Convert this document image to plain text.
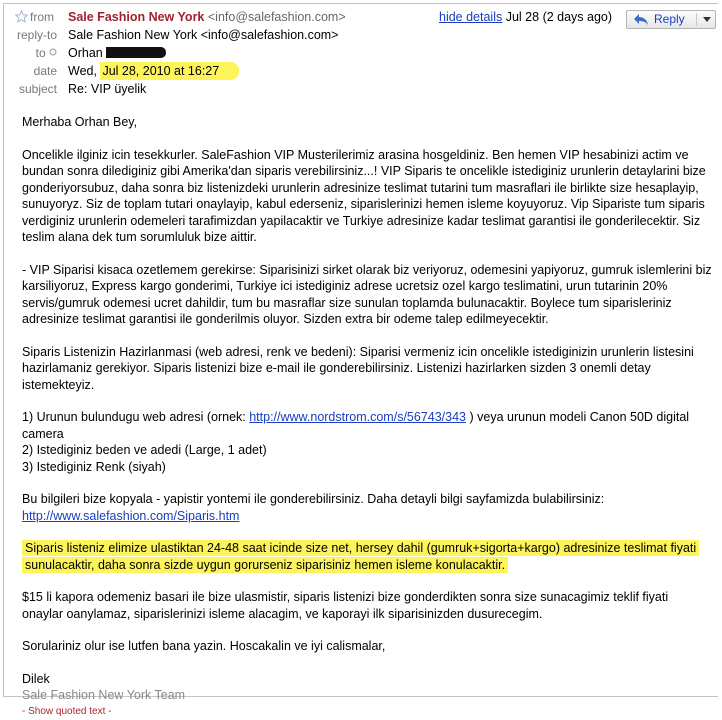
from Sale Fashion New York <info@salefashion.com>	hide details Jul 28 (2 days ago)	Reply
reply-to Sale Fashion New York <info@salefashion.com>
to	Orhan
date Wed, Jul 28, 2010 at 16:27
subject Re: VIP üyelik

Merhaba Orhan Bey,

Oncelikle ilginiz icin tesekkurler. SaleFashion VIP Musterilerimiz arasina hosgeldiniz. Ben hemen VIP hesabinizi actim ve bundan sonra dilediginiz gibi Amerika'dan siparis verebilirsiniz...! VIP Siparis te oncelikle istediginiz urunlerin detaylarini bize gonderiyorsubuz, daha sonra biz listenizdeki urunlerin adresinize teslimat tutarini tum masraflari ile birlikte size hesaplayip, sunuyoryz. Siz de toplam tutari onaylayip, kabul ederseniz, siparislerinizi hemen isleme koyuyoruz. Vip Sipariste tum siparis verdiginiz urunlerin odemeleri tarafimizdan yapilacaktir ve Turkiye adresinize kadar teslimat garantisi ile gonderilecektir. Siz teslim alana dek tum sorumluluk bize aittir.

- VIP Siparisi kisaca ozetlemem gerekirse: Siparisinizi sirket olarak biz veriyoruz, odemesini yapiyoruz, gumruk islemlerini biz karsiliyoruz, Express kargo gonderimi, Turkiye ici istediginiz adrese ucretsiz ozel kargo teslimatini, urun tutarinin 20% servis/gumruk odemesi ucret dahildir, tum bu masraflar size sunulan toplamda bulunacaktir. Boylece tum siparisleriniz adresinize teslimat garantisi ile gonderilmis oluyor. Sizden extra bir odeme talep edilmeyecektir.

Siparis Listenizin Hazirlanmasi (web adresi, renk ve bedeni): Siparisi vermeniz icin oncelikle istediginizin urunlerin listesini hazirlamaniz gerekiyor. Siparis listenizi bize e-mail ile gonderebilirsiniz. Listenizi hazirlarken sizden 3 onemli detay istemekteyiz.

1) Urunun bulundugu web adresi (ornek: http://www.nordstrom.com/s/56743/343 ) veya urunun modeli Canon 50D digital camera
2) Istediginiz beden ve adedi (Large, 1 adet)
3) Istediginiz Renk (siyah)

Bu bilgileri bize kopyala - yapistir yontemi ile gonderebilirsiniz. Daha detayli bilgi sayfamizda bulabilirsiniz:
http://www.salefashion.com/Siparis.htm

Siparis listeniz elimize ulastiktan 24-48 saat icinde size net, hersey dahil (gumruk+sigorta+kargo) adresinize teslimat fiyati sunulacaktir, daha sonra sizde uygun gorurseniz siparisiniz hemen isleme konulacaktir.

$15 li kapora odemeniz basari ile bize ulasmistir, siparis listenizi bize gonderdikten sonra size sunacagimiz teklif fiyati onaylar oanylamaz, siparislerinizi isleme alacagim, ve kaporayi ilk siparisinizden dusurecegim.

Sorulariniz olur ise lutfen bana yazin. Hoscakalin ve iyi calismalar,

Dilek
Sale Fashion New York Team
- Show quoted text -
